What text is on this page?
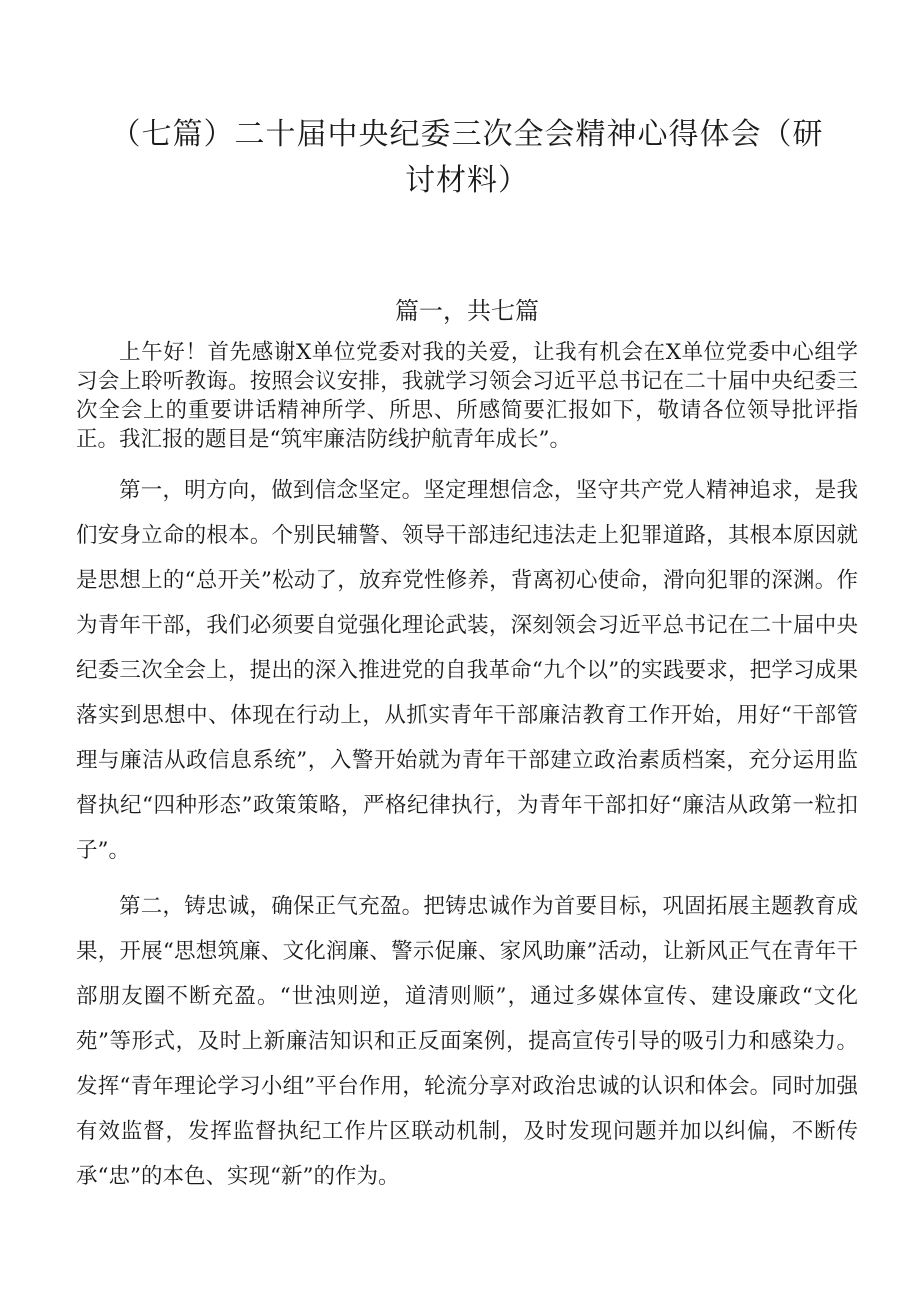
（七篇）二十届中央纪委三次全会精神心得体会（研
讨材料）
篇一，共七篇

上午好！首先感谢X单位党委对我的关爱，让我有机会在X单位党委中心组学习会上聆听教诲。按照会议安排，我就学习领会习近平总书记在二十届中央纪委三次全会上的重要讲话精神所学、所思、所感简要汇报如下，敬请各位领导批评指正。我汇报的题目是“筑牢廉洁防线护航青年成长”。

第一，明方向，做到信念坚定。坚定理想信念，坚守共产党人精神追求，是我们安身立命的根本。个别民辅警、领导干部违纪违法走上犯罪道路，其根本原因就是思想上的“总开关”松动了，放弃党性修养，背离初心使命，滑向犯罪的深渊。作为青年干部，我们必须要自觉强化理论武装，深刻领会习近平总书记在二十届中央纪委三次全会上，提出的深入推进党的自我革命“九个以”的实践要求，把学习成果落实到思想中、体现在行动上，从抓实青年干部廉洁教育工作开始，用好“干部管理与廉洁从政信息系统”，入警开始就为青年干部建立政治素质档案，充分运用监督执纪“四种形态”政策策略，严格纪律执行，为青年干部扣好“廉洁从政第一粒扣子”。

第二，铸忠诚，确保正气充盈。把铸忠诚作为首要目标，巩固拓展主题教育成果，开展“思想筑廉、文化润廉、警示促廉、家风助廉”活动，让新风正气在青年干部朋友圈不断充盈。“世浊则逆，道清则顺”，通过多媒体宣传、建设廉政“文化苑”等形式，及时上新廉洁知识和正反面案例，提高宣传引导的吸引力和感染力。发挥“青年理论学习小组”平台作用，轮流分享对政治忠诚的认识和体会。同时加强有效监督，发挥监督执纪工作片区联动机制，及时发现问题并加以纠偏，不断传承“忠”的本色、实现“新”的作为。
